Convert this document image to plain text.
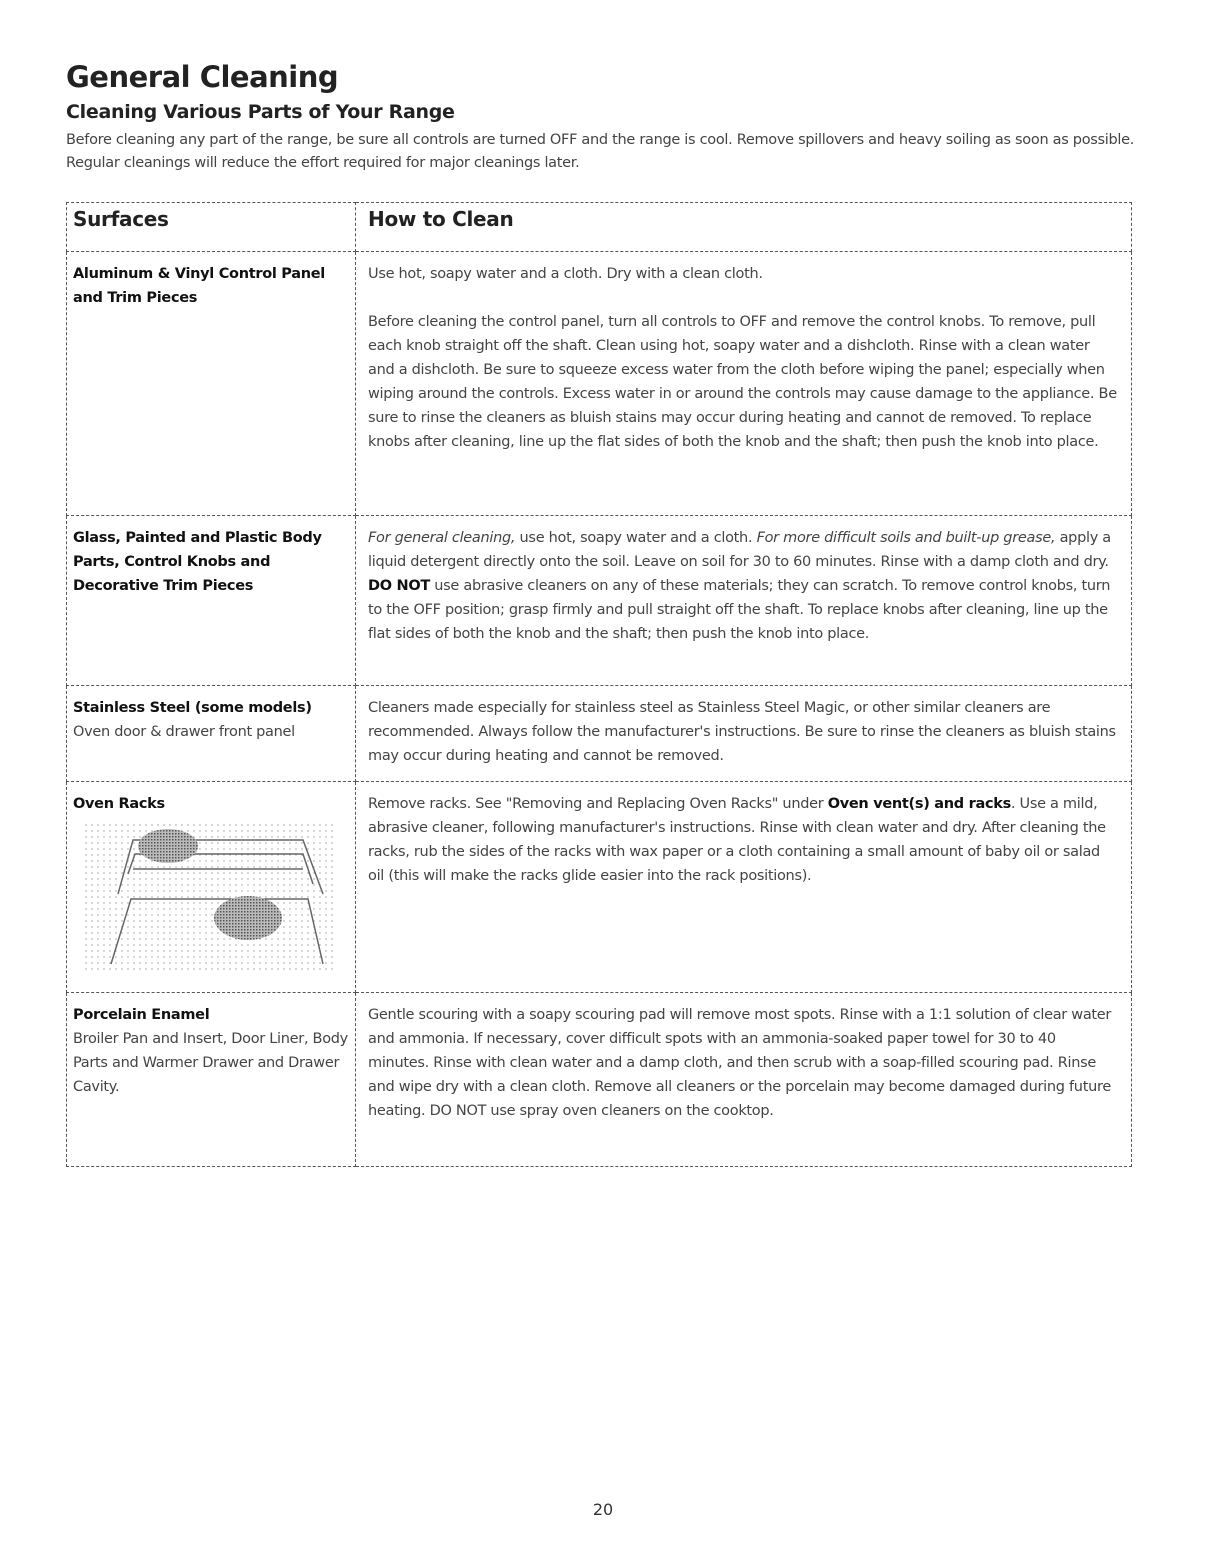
General Cleaning
Cleaning Various Parts of Your Range
Before cleaning any part of the range, be sure all controls are turned OFF and the range is cool. Remove spillovers and heavy soiling as soon as possible. Regular cleanings will reduce the effort required for major cleanings later.
Surfaces	How to Clean
Aluminum & Vinyl Control Panel and Trim Pieces	Use hot, soapy water and a cloth. Dry with a clean cloth.

Before cleaning the control panel, turn all controls to OFF and remove the control knobs. To remove, pull each knob straight off the shaft. Clean using hot, soapy water and a dishcloth. Rinse with a clean water and a dishcloth. Be sure to squeeze excess water from the cloth before wiping the panel; especially when wiping around the controls. Excess water in or around the controls may cause damage to the appliance. Be sure to rinse the cleaners as bluish stains may occur during heating and cannot de removed. To replace knobs after cleaning, line up the flat sides of both the knob and the shaft; then push the knob into place.

Glass, Painted and Plastic Body Parts, Control Knobs and Decorative Trim Pieces	For general cleaning, use hot, soapy water and a cloth. For more difficult soils and built-up grease, apply a liquid detergent directly onto the soil. Leave on soil for 30 to 60 minutes. Rinse with a damp cloth and dry. DO NOT use abrasive cleaners on any of these materials; they can scratch. To remove control knobs, turn to the OFF position; grasp firmly and pull straight off the shaft. To replace knobs after cleaning, line up the flat sides of both the knob and the shaft; then push the knob into place.
Stainless Steel (some models) Oven door & drawer front panel	Cleaners made especially for stainless steel as Stainless Steel Magic, or other similar cleaners are recommended. Always follow the manufacturer's instructions. Be sure to rinse the cleaners as bluish stains may occur during heating and cannot be removed.

Oven Racks	Remove racks. See "Removing and Replacing Oven Racks" under Oven vent(s) and racks. Use a mild, abrasive cleaner, following manufacturer's instructions. Rinse with clean water and dry. After cleaning the racks, rub the sides of the racks with wax paper or a cloth containing a small amount of baby oil or salad oil (this will make the racks glide easier into the rack positions).

Porcelain Enamel
Broiler Pan and Insert, Door Liner, Body Parts and Warmer Drawer and Drawer Cavity.	Gentle scouring with a soapy scouring pad will remove most spots. Rinse with a 1:1 solution of clear water and ammonia. If necessary, cover difficult spots with an ammonia-soaked paper towel for 30 to 40 minutes. Rinse with clean water and a damp cloth, and then scrub with a soap-filled scouring pad. Rinse and wipe dry with a clean cloth. Remove all cleaners or the porcelain may become damaged during future heating. DO NOT use spray oven cleaners on the cooktop.
20
